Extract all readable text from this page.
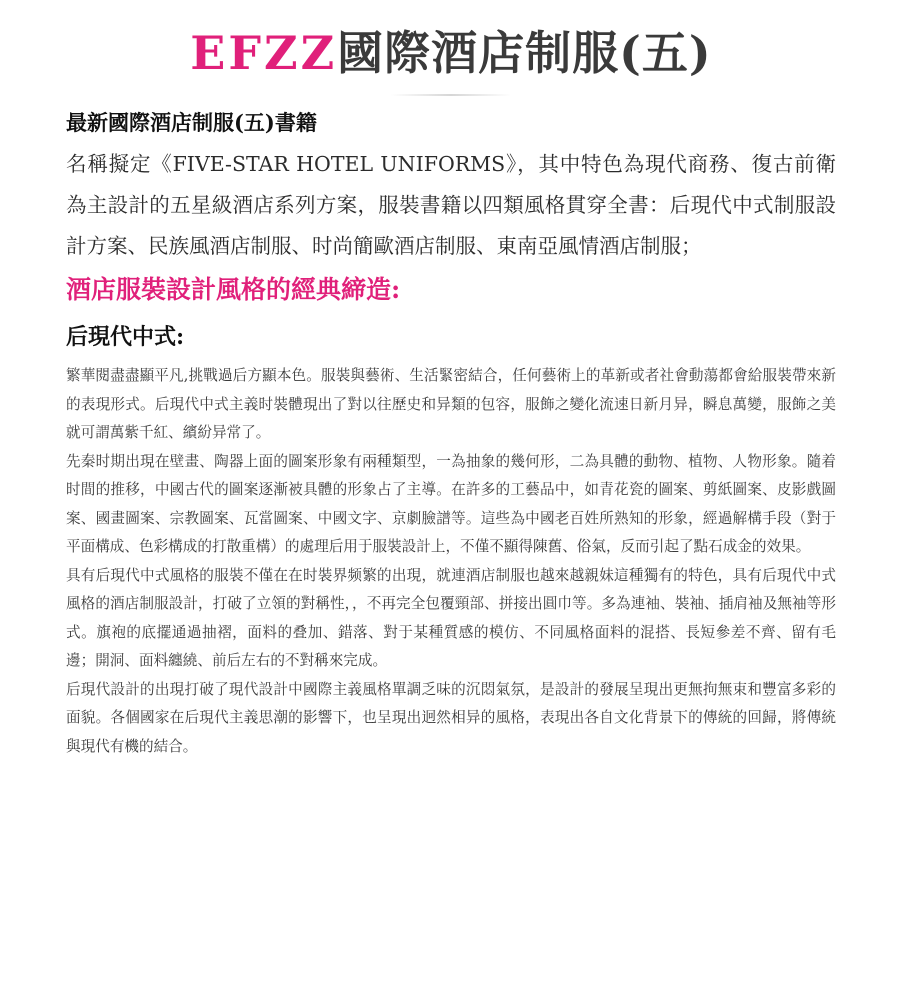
EFZZ國際酒店制服(五)
最新國際酒店制服(五)書籍

名稱擬定《FIVE-STAR HOTEL UNIFORMS》，其中特色為現代商務、復古前衛為主設計的五星級酒店系列方案，服裝書籍以四類風格貫穿全書：后現代中式制服設計方案、民族風酒店制服、时尚簡歐酒店制服、東南亞風情酒店制服；

酒店服裝設計風格的經典締造:
后現代中式:

繁華閱盡盡顯平凡,挑戰過后方顯本色。服裝與藝術、生活緊密結合，任何藝術上的革新或者社會動蕩都會給服裝帶來新的表現形式。后現代中式主義时裝體現出了對以往歷史和异類的包容，服飾之變化流速日新月异，瞬息萬變，服飾之美就可謂萬紫千紅、繽紛异常了。

先秦时期出現在壁畫、陶器上面的圖案形象有兩種類型，一為抽象的幾何形，二為具體的動物、植物、人物形象。隨着时間的推移，中國古代的圖案逐漸被具體的形象占了主導。在許多的工藝品中，如青花瓷的圖案、剪紙圖案、皮影戲圖案、國畫圖案、宗教圖案、瓦當圖案、中國文字、京劇臉譜等。這些為中國老百姓所熟知的形象，經過解構手段（對于平面構成、色彩構成的打散重構）的處理后用于服裝設計上，不僅不顯得陳舊、俗氣，反而引起了點石成金的效果。

具有后現代中式風格的服裝不僅在在时裝界频繁的出現，就連酒店制服也越來越親妹這種獨有的特色，具有后現代中式風格的酒店制服設計，打破了立領的對稱性，，不再完全包覆頸部、拼接出圓巾等。多為連袖、裝袖、插肩袖及無袖等形式。旗袍的底擺通過抽褶，面料的叠加、錯落、對于某種質感的模仿、不同風格面料的混搭、長短參差不齊、留有毛邊；開洞、面料纏繞、前后左右的不對稱來完成。

后現代設計的出現打破了現代設計中國際主義風格單調乏味的沉悶氣氛，是設計的發展呈現出更無拘無束和豐富多彩的面貌。各個國家在后現代主義思潮的影響下，也呈現出迥然相异的風格，表現出各自文化背景下的傳統的回歸，將傳統與現代有機的結合。
